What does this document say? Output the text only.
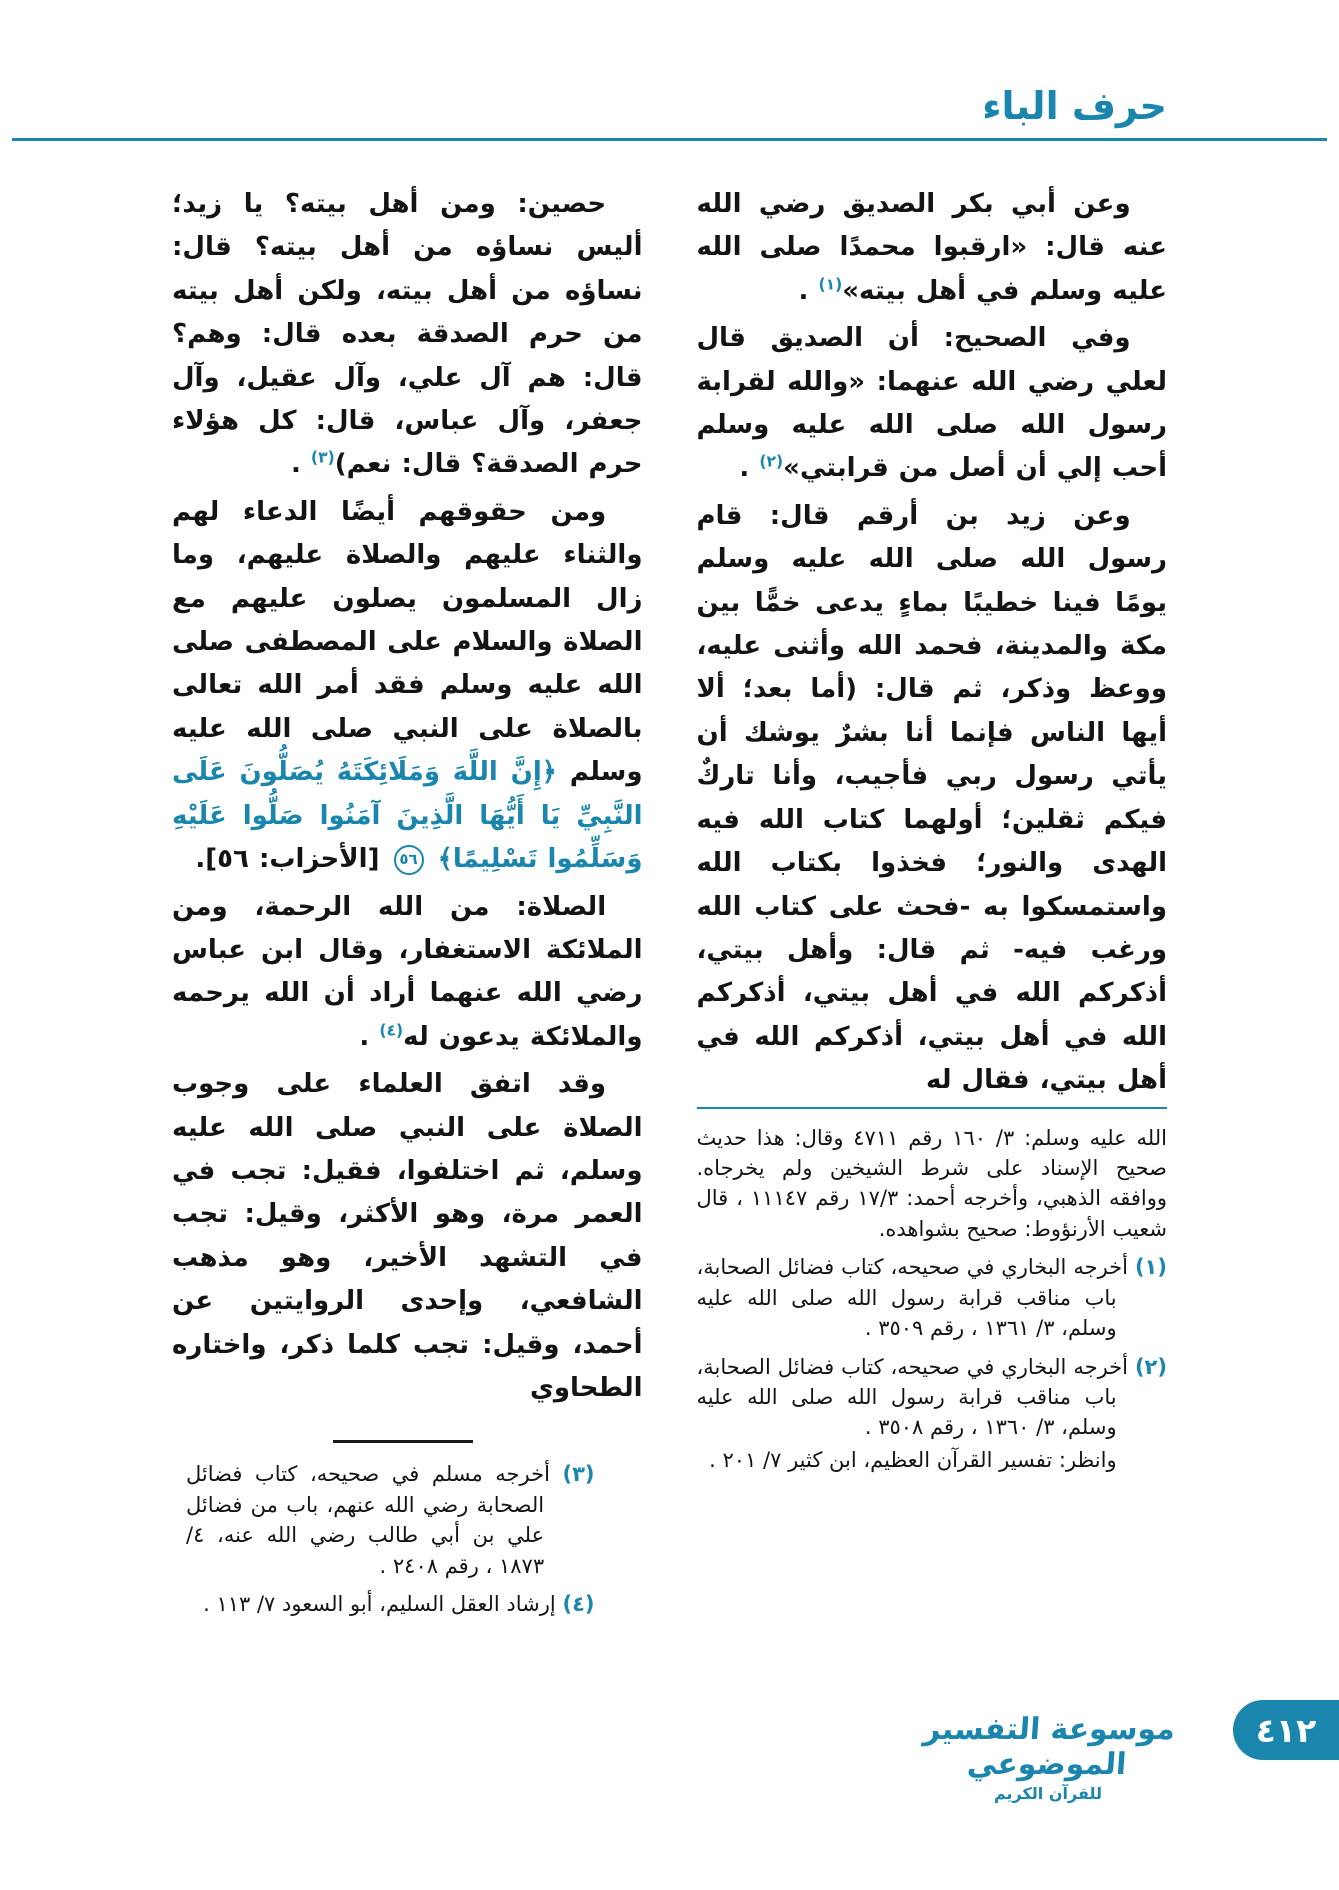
حرف الباء

وعن أبي بكر الصديق رضي الله عنه قال: «ارقبوا محمدًا صلى الله عليه وسلم في أهل بيته»$^{(١)}$ .

وفي الصحيح: أن الصديق قال لعلي رضي الله عنهما: «والله لقرابة رسول الله صلى الله عليه وسلم أحب إلي أن أصل من قرابتي»$^{(٢)}$ .

وعن زيد بن أرقم قال: قام رسول الله صلى الله عليه وسلم يومًا فينا خطيبًا بماءٍ يدعى خمًّا بين مكة والمدينة، فحمد الله وأثنى عليه، ووعظ وذكر، ثم قال: (أما بعد؛ ألا أيها الناس فإنما أنا بشرٌ يوشك أن يأتي رسول ربي فأجيب، وأنا تاركٌ فيكم ثقلين؛ أولهما كتاب الله فيه الهدى والنور؛ فخذوا بكتاب الله واستمسكوا به -فحث على كتاب الله ورغب فيه- ثم قال: وأهل بيتي، أذكركم الله في أهل بيتي، أذكركم الله في أهل بيتي، أذكركم الله في أهل بيتي، فقال له

الله عليه وسلم: ٣/ ١٦٠ رقم ٤٧١١ وقال: هذا حديث صحيح الإسناد على شرط الشيخين ولم يخرجاه. ووافقه الذهبي، وأخرجه أحمد: ١٧/٣ رقم ١١١٤٧ ، قال شعيب الأرنؤوط: صحيح بشواهده.

(١) أخرجه البخاري في صحيحه، كتاب فضائل الصحابة، باب مناقب قرابة رسول الله صلى الله عليه وسلم، ٣/ ١٣٦١ ، رقم ٣٥٠٩ .
(٢) أخرجه البخاري في صحيحه، كتاب فضائل الصحابة، باب مناقب قرابة رسول الله صلى الله عليه وسلم، ٣/ ١٣٦٠ ، رقم ٣٥٠٨ .
وانظر: تفسير القرآن العظيم، ابن كثير ٧/ ٢٠١ .

حصين: ومن أهل بيته؟ يا زيد؛ أليس نساؤه من أهل بيته؟ قال: نساؤه من أهل بيته، ولكن أهل بيته من حرم الصدقة بعده قال: وهم؟ قال: هم آل علي، وآل عقيل، وآل جعفر، وآل عباس، قال: كل هؤلاء حرم الصدقة؟ قال: نعم)$^{(٣)}$ .

ومن حقوقهم أيضًا الدعاء لهم والثناء عليهم والصلاة عليهم، وما زال المسلمون يصلون عليهم مع الصلاة والسلام على المصطفى صلى الله عليه وسلم فقد أمر الله تعالى بالصلاة على النبي صلى الله عليه وسلم ﴿إِنَّ اللَّهَ وَمَلَائِكَتَهُ يُصَلُّونَ عَلَى النَّبِيِّ يَا أَيُّهَا الَّذِينَ آمَنُوا صَلُّوا عَلَيْهِ وَسَلِّمُوا تَسْلِيمًا﴾ ٥٦ [الأحزاب: ٥٦].

الصلاة: من الله الرحمة، ومن الملائكة الاستغفار، وقال ابن عباس رضي الله عنهما أراد أن الله يرحمه والملائكة يدعون له$^{(٤)}$ .

وقد اتفق العلماء على وجوب الصلاة على النبي صلى الله عليه وسلم، ثم اختلفوا، فقيل: تجب في العمر مرة، وهو الأكثر، وقيل: تجب في التشهد الأخير، وهو مذهب الشافعي، وإحدى الروايتين عن أحمد، وقيل: تجب كلما ذكر، واختاره الطحاوي

(٣) أخرجه مسلم في صحيحه، كتاب فضائل الصحابة رضي الله عنهم، باب من فضائل علي بن أبي طالب رضي الله عنه، ٤/ ١٨٧٣ ، رقم ٢٤٠٨ .
(٤) إرشاد العقل السليم، أبو السعود ٧/ ١١٣ .

موسوعة التفسير الموضوعي

للقرآن الكريم

٤١٢
